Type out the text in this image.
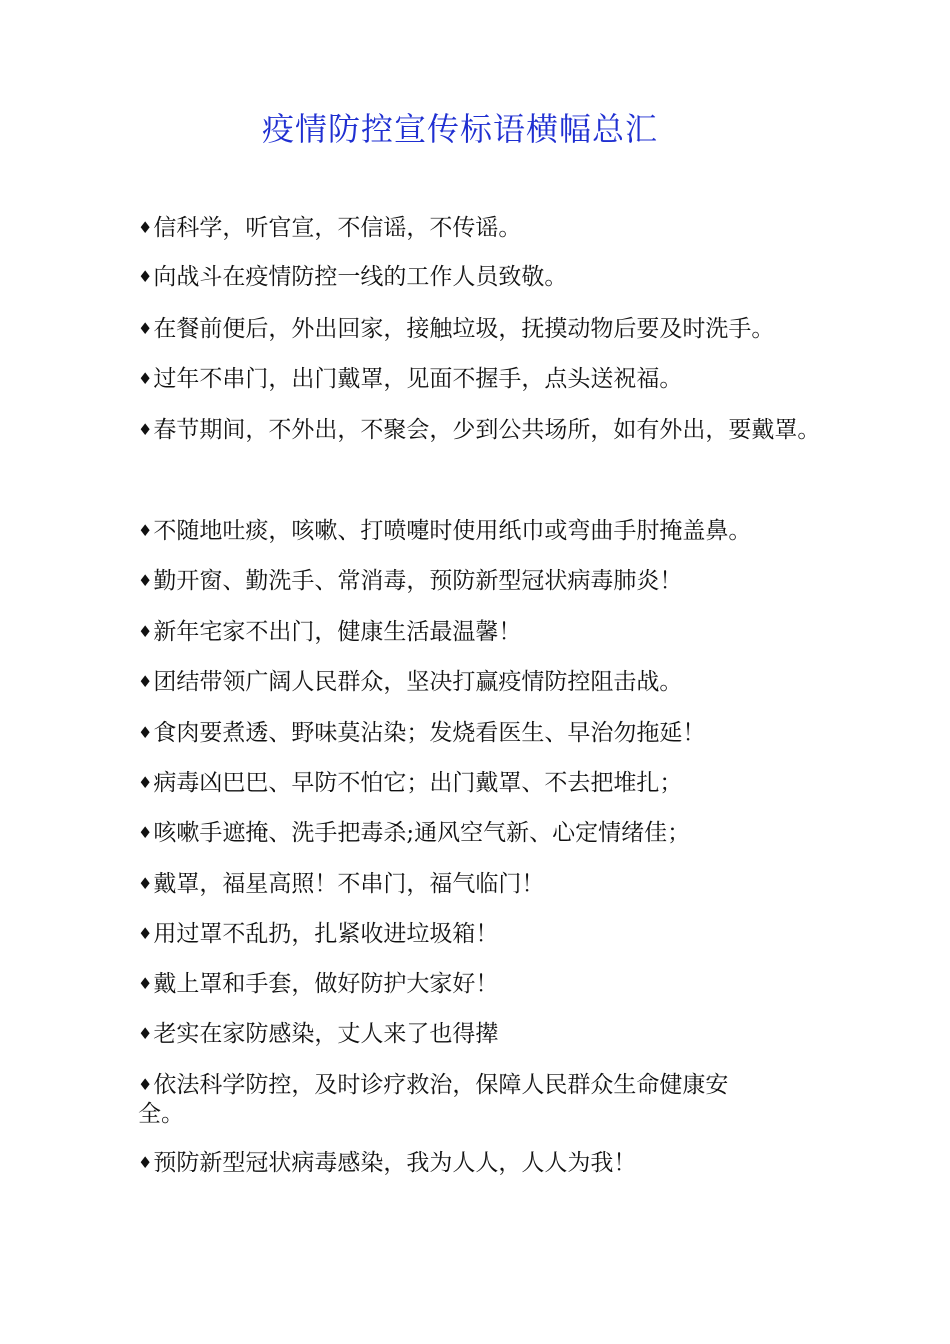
疫情防控宣传标语横幅总汇
♦信科学，听官宣，不信谣，不传谣。
♦向战斗在疫情防控一线的工作人员致敬。
♦在餐前便后，外出回家，接触垃圾，抚摸动物后要及时洗手。
♦过年不串门，出门戴罩，见面不握手，点头送祝福。
♦春节期间，不外出，不聚会，少到公共场所，如有外出，要戴罩。
♦不随地吐痰，咳嗽、打喷嚏时使用纸巾或弯曲手肘掩盖鼻。
♦勤开窗、勤洗手、常消毒，预防新型冠状病毒肺炎！
♦新年宅家不出门，健康生活最温馨！
♦团结带领广阔人民群众，坚决打赢疫情防控阻击战。
♦食肉要煮透、野味莫沾染；发烧看医生、早治勿拖延！
♦病毒凶巴巴、早防不怕它；出门戴罩、不去把堆扎；
♦咳嗽手遮掩、洗手把毒杀;通风空气新、心定情绪佳；
♦戴罩，福星高照！不串门，福气临门！
♦用过罩不乱扔，扎紧收进垃圾箱！
♦戴上罩和手套，做好防护大家好！
♦老实在家防感染，丈人来了也得撵
♦依法科学防控，及时诊疗救治，保障人民群众生命健康安全。
♦预防新型冠状病毒感染，我为人人，人人为我！
